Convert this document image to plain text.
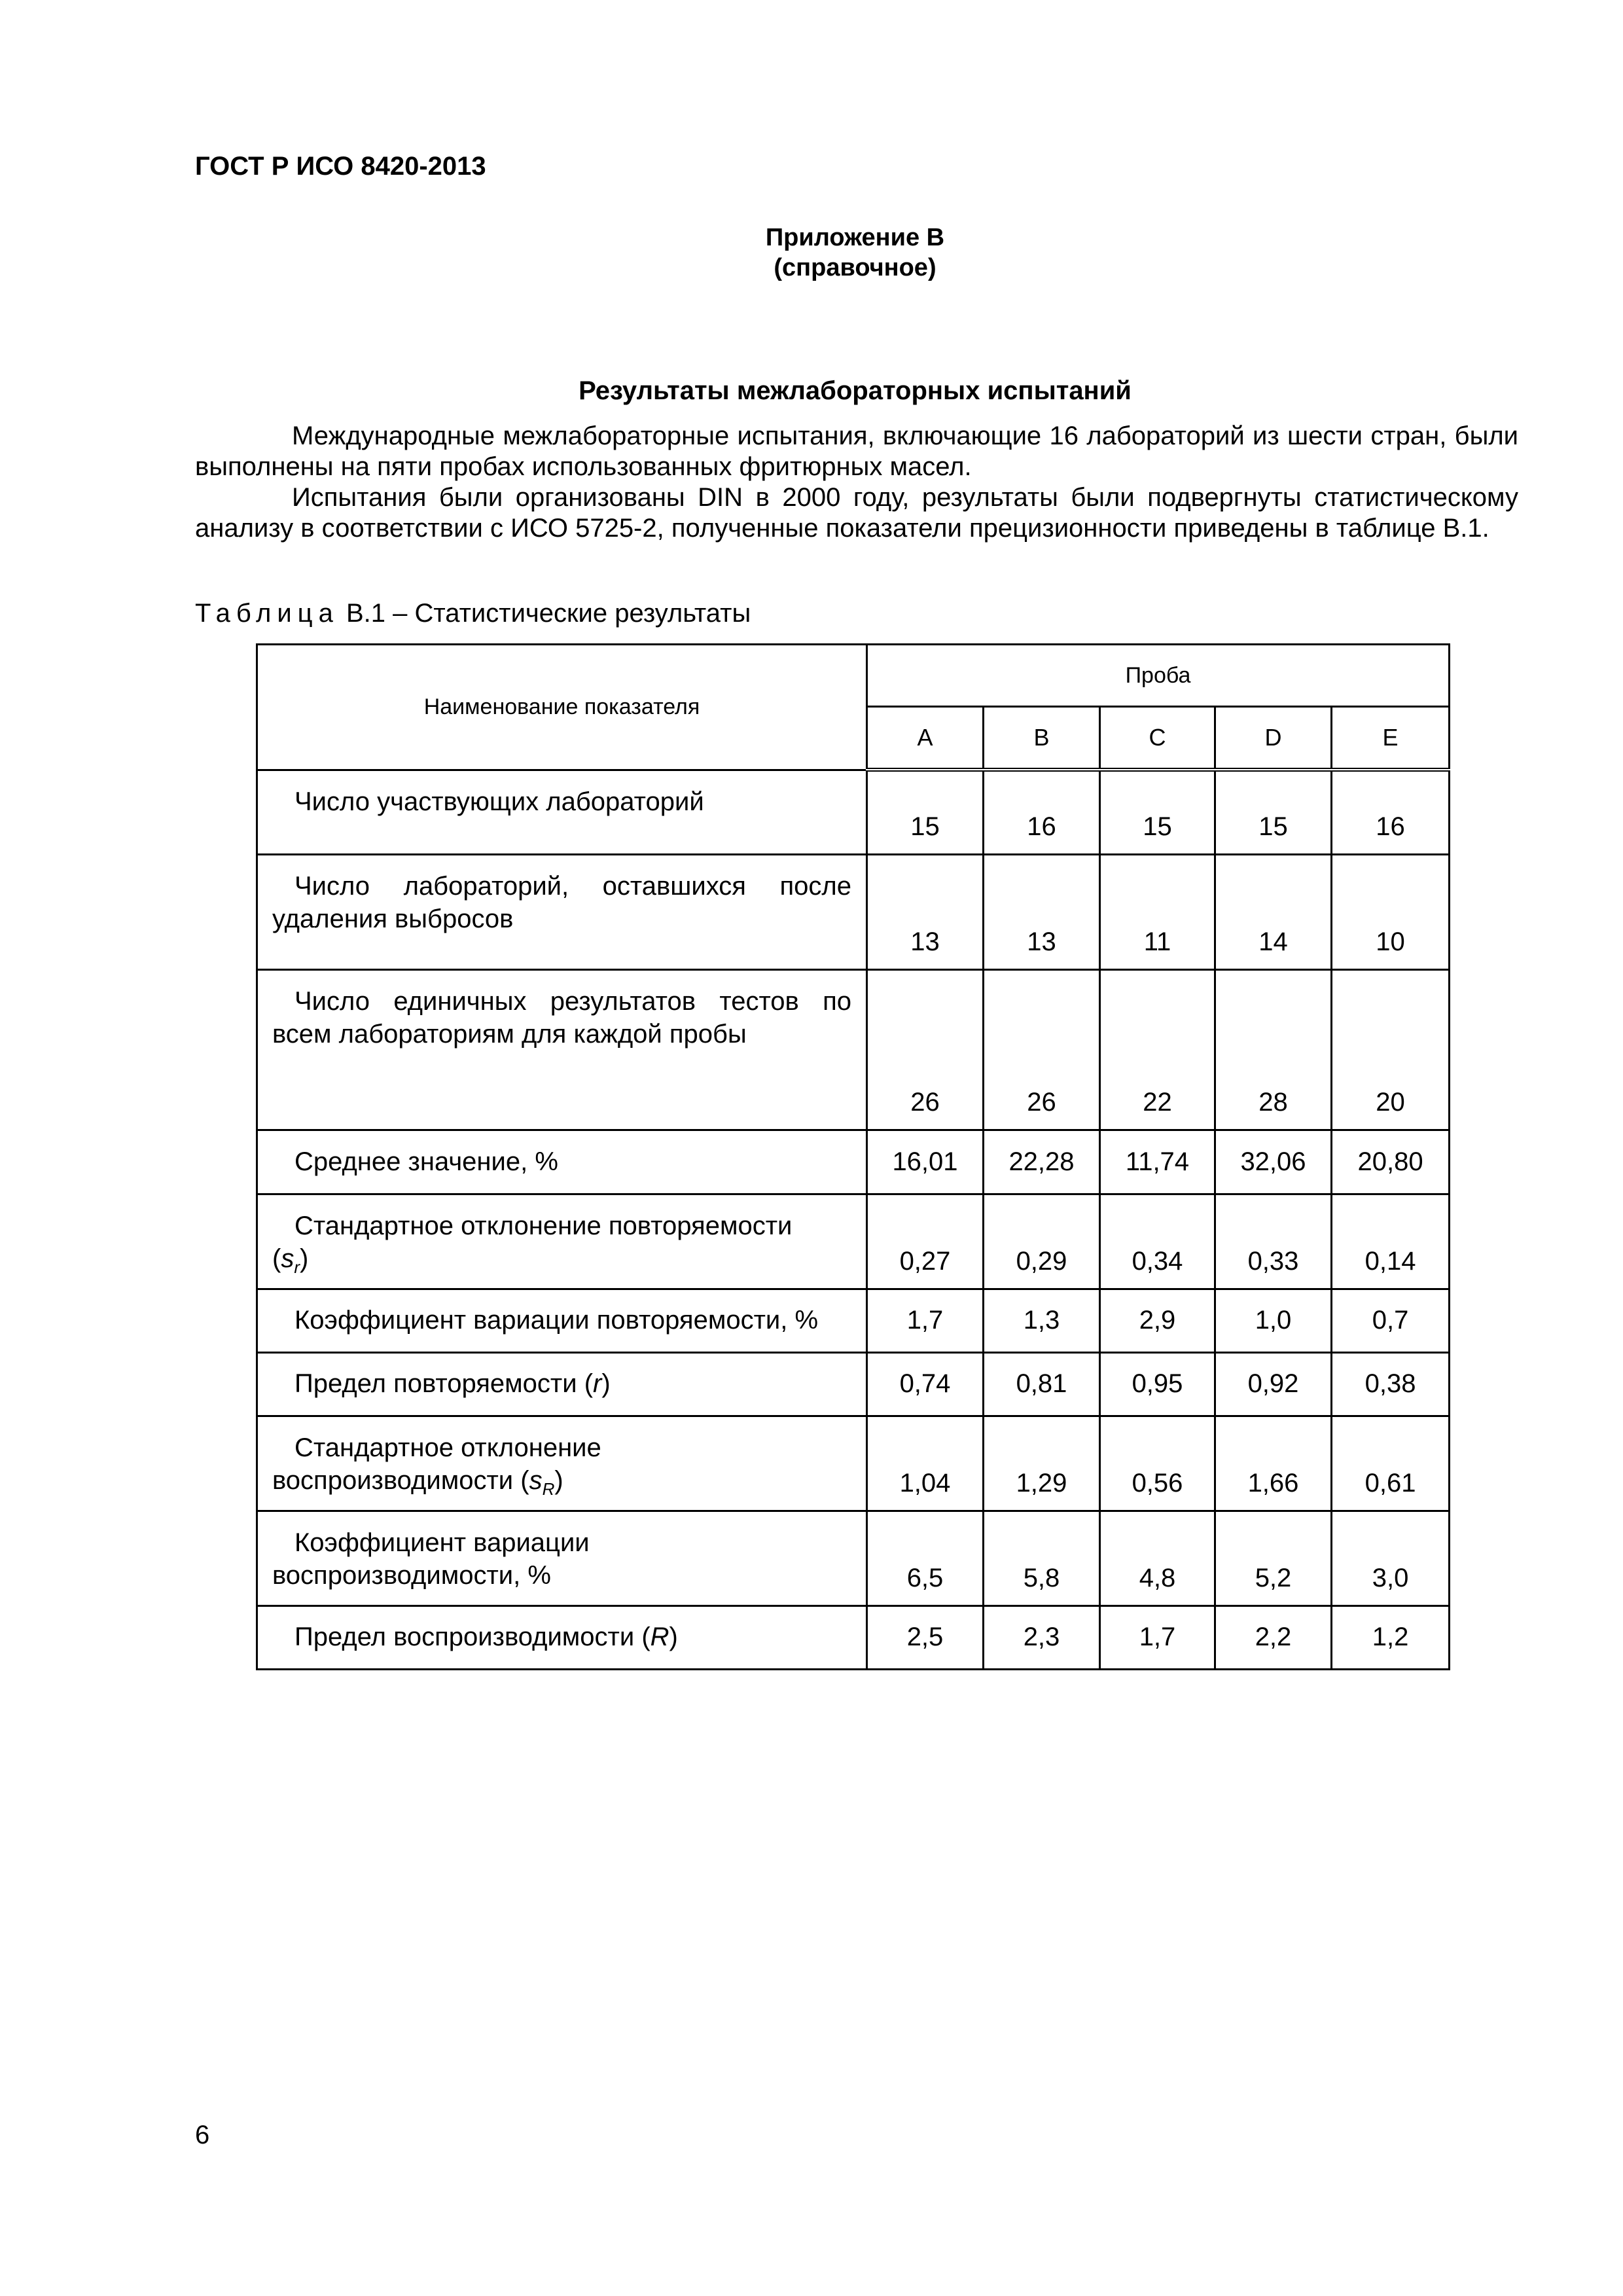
ГОСТ Р ИСО 8420-2013
Приложение В
(справочное)
Результаты межлабораторных испытаний

Международные межлабораторные испытания, включающие 16 лабораторий из шести стран, были выполнены на пяти пробах использованных фритюрных масел.

Испытания были организованы DIN в 2000 году, результаты были подвергнуты статистическому анализу в соответствии с ИСО 5725-2, полученные показатели прецизионности приведены в таблице В.1.

Таблица В.1 – Статистические результаты
Наименование показателя	Проба				
	A	B	C	D	E

Число участвующих лабораторий	15	16	15	15	16

Число лабораторий, оставшихся после удаления выбросов	13	13	11	14	10

Число единичных результатов тестов по всем лабораториям для каждой пробы	26	26	22	28	20
Среднее значение, %	16,01	22,28	11,74	32,06	20,80

Стандартное отклонение повторяемости
$(s_r)$	0,27	0,29	0,34	0,33	0,14
Коэффициент вариации повторяемости, %	1,7	1,3	2,9	1,0	0,7
Предел повторяемости (r)	0,74	0,81	0,95	0,92	0,38

Стандартное отклонение
воспроизводимости $(s_R)$	1,04	1,29	0,56	1,66	0,61

Коэффициент вариации
воспроизводимости, %	6,5	5,8	4,8	5,2	3,0
Предел воспроизводимости (R)	2,5	2,3	1,7	2,2	1,2
6
